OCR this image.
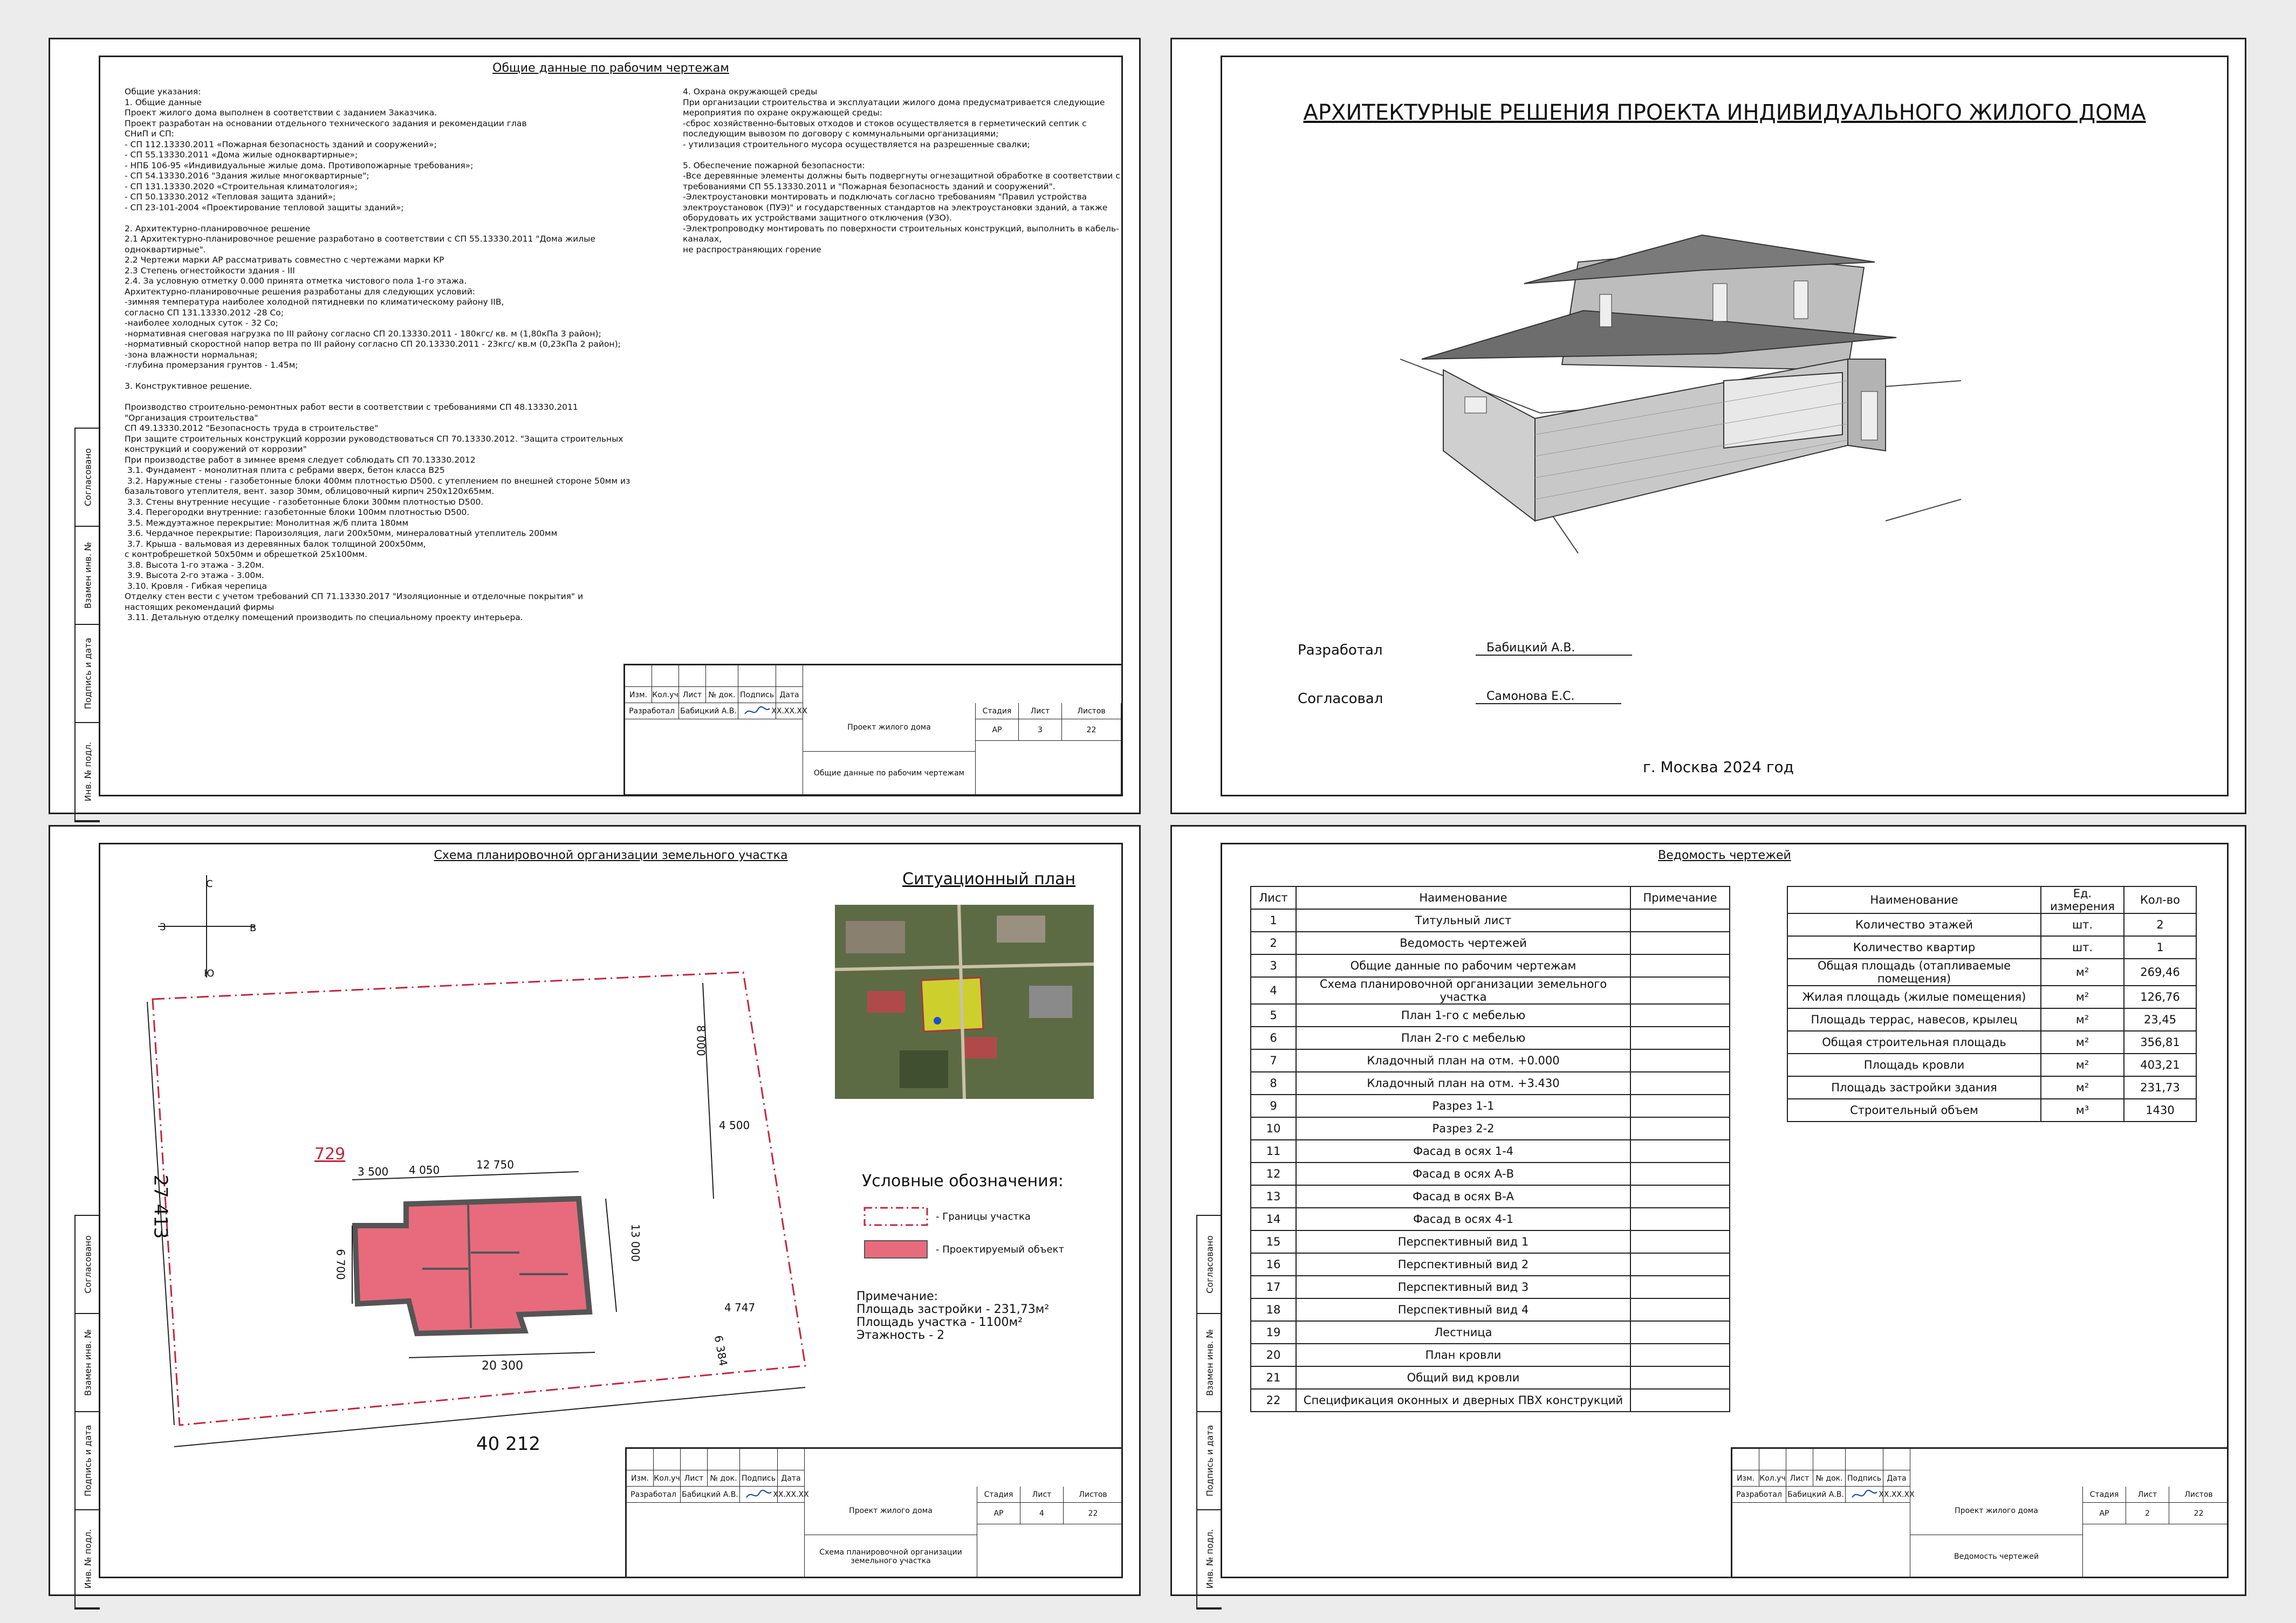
Согласовано
Взамен инв. №
Подпись и дата
Инв. № подл.
Общие данные по рабочим чертежам
Общие указания:
1. Общие данные
Проект жилого дома выполнен в соответствии с заданием Заказчика.
Проект разработан на основании отдельного технического задания и рекомендации глав
СНиП и СП:
- СП 112.13330.2011 «Пожарная безопасность зданий и сооружений»;
- СП 55.13330.2011 «Дома жилые одноквартирные»;
- НПБ 106-95 «Индивидуальные жилые дома. Противопожарные требования»;
- СП 54.13330.2016 "Здания жилые многоквартирные";
- СП 131.13330.2020 «Строительная климатология»;
- СП 50.13330.2012 «Тепловая защита зданий»;
- СП 23-101-2004 «Проектирование тепловой защиты зданий»;

2. Архитектурно-планировочное решение
2.1 Архитектурно-планировочное решение разработано в соответствии с СП 55.13330.2011 "Дома жилые
одноквартирные".
2.2 Чертежи марки АР рассматривать совместно с чертежами марки КР
2.3 Степень огнестойкости здания - III
2.4. За условную отметку 0.000 принята отметка чистового пола 1-го этажа.
Архитектурно-планировочные решения разработаны для следующих условий:
-зимняя температура наиболее холодной пятидневки по климатическому району IIВ,
согласно СП 131.13330.2012 -28 Со;
-наиболее холодных суток - 32 Со;
-нормативная снеговая нагрузка по III району согласно СП 20.13330.2011 - 180кгс/ кв. м (1,80кПа 3 район);
-нормативный скоростной напор ветра по III району согласно СП 20.13330.2011 - 23кгс/ кв.м (0,23кПа 2 район);
-зона влажности нормальная;
-глубина промерзания грунтов - 1.45м;

3. Конструктивное решение.

Производство строительно-ремонтных работ вести в соответствии с требованиями СП 48.13330.2011
"Организация строительства"
СП 49.13330.2012 "Безопасность труда в строительстве"
При защите строительных конструкций коррозии руководствоваться СП 70.13330.2012. "Защита строительных
конструкций и сооружений от коррозии"
При производстве работ в зимнее время следует соблюдать СП 70.13330.2012
3.1. Фундамент - монолитная плита с ребрами вверх, бетон класса В25
3.2. Наружные стены - газобетонные блоки 400мм плотностью D500. с утеплением по внешней стороне 50мм из
базальтового утеплителя, вент. зазор 30мм, облицовочный кирпич 250x120x65мм.
3.3. Стены внутренние несущие - газобетонные блоки 300мм плотностью D500.
3.4. Перегородки внутренние: газобетонные блоки 100мм плотностью D500.
3.5. Междуэтажное перекрытие: Монолитная ж/б плита 180мм
3.6. Чердачное перекрытие: Пароизоляция, лаги 200x50мм, минераловатный утеплитель 200мм
3.7. Крыша - вальмовая из деревянных балок толщиной 200x50мм,
с контробрешеткой 50x50мм и обрешеткой 25x100мм.
3.8. Высота 1-го этажа - 3.20м.
3.9. Высота 2-го этажа - 3.00м.
3.10. Кровля - Гибкая черепица
Отделку стен вести с учетом требований СП 71.13330.2017 "Изоляционные и отделочные покрытия" и
настоящих рекомендаций фирмы
3.11. Детальную отделку помещений производить по специальному проекту интерьера.
4. Охрана окружающей среды
При организации строительства и эксплуатации жилого дома предусматривается следующие
мероприятия по охране окружающей среды:
-сброс хозяйственно-бытовых отходов и стоков осуществляется в герметический септик с
последующим вывозом по договору с коммунальными организациями;
- утилизация строительного мусора осуществляется на разрешенные свалки;

5. Обеспечение пожарной безопасности:
-Все деревянные элементы должны быть подвергнуты огнезащитной обработке в соответствии с
требованиями СП 55.13330.2011 и "Пожарная безопасность зданий и сооружений".
-Электроустановки монтировать и подключать согласно требованиям "Правил устройства
электроустановок (ПУЭ)" и государственных стандартов на электроустановки зданий, а также
оборудовать их устройствами защитного отключения (УЗО).
-Электропроводку монтировать по поверхности строительных конструкций, выполнить в кабель-каналах,
не распространяющих горение
Изм. Кол.уч Лист № док. Подпись Дата
Разработал Бабицкий А.В.	XX.XX.XX
Проект жилого дома
Общие данные по рабочим чертежам
Стадия	Лист	Листов
АР	3	22
АРХИТЕКТУРНЫЕ РЕШЕНИЯ ПРОЕКТА ИНДИВИДУАЛЬНОГО ЖИЛОГО ДОМА
Разработал	Бабицкий А.В.
Согласовал	Самонова Е.С.
г. Москва 2024 год
Согласовано
Взамен инв. №
Подпись и дата
Инв. № подл.
Схема планировочной организации земельного участка
С
Ю
З	В
729
3 500 4 050	12 750
8 000
4 500
13 000
6 700
20 300
4 747
6 384
27 413
40 212
Ситуационный план
Условные обозначения:
- Границы участка
- Проектируемый объект
Примечание:
Площадь застройки - 231,73м²
Площадь участка - 1100м²
Этажность - 2
Изм. Кол.уч Лист № док. Подпись Дата
Разработал Бабицкий А.В.	XX.XX.XX
Проект жилого дома
Схема планировочной организации земельного участка
Стадия	Лист	Листов
АР	4	22
Согласовано
Взамен инв. №
Подпись и дата
Инв. № подл.
Ведомость чертежей
Лист	Наименование	Примечание
1	Титульный лист	
2	Ведомость чертежей	
3	Общие данные по рабочим чертежам	
4	Схема планировочной организации земельного участка	
5	План 1-го с мебелью	
6	План 2-го с мебелью	
7	Кладочный план на отм. +0.000	
8	Кладочный план на отм. +3.430	
9	Разрез 1-1	
10	Разрез 2-2	
11	Фасад в осях 1-4	
12	Фасад в осях А-В	
13	Фасад в осях В-А	
14	Фасад в осях 4-1	
15	Перспективный вид 1	
16	Перспективный вид 2	
17	Перспективный вид 3	
18	Перспективный вид 4	
19	Лестница	
20	План кровли	
21	Общий вид кровли	
22	Спецификация оконных и дверных ПВХ конструкций	
Наименование	Ед. измерения	Кол-во
Количество этажей	шт.	2
Количество квартир	шт.	1
Общая площадь (отапливаемые помещения)	м²	269,46
Жилая площадь (жилые помещения)	м²	126,76
Площадь террас, навесов, крылец	м²	23,45
Общая строительная площадь	м²	356,81
Площадь кровли	м²	403,21
Площадь застройки здания	м²	231,73
Строительный объем	м³	1430
Изм. Кол.уч Лист № док. Подпись Дата
Разработал Бабицкий А.В.	XX.XX.XX
Проект жилого дома
Ведомость чертежей
Стадия	Лист	Листов
АР	2	22
